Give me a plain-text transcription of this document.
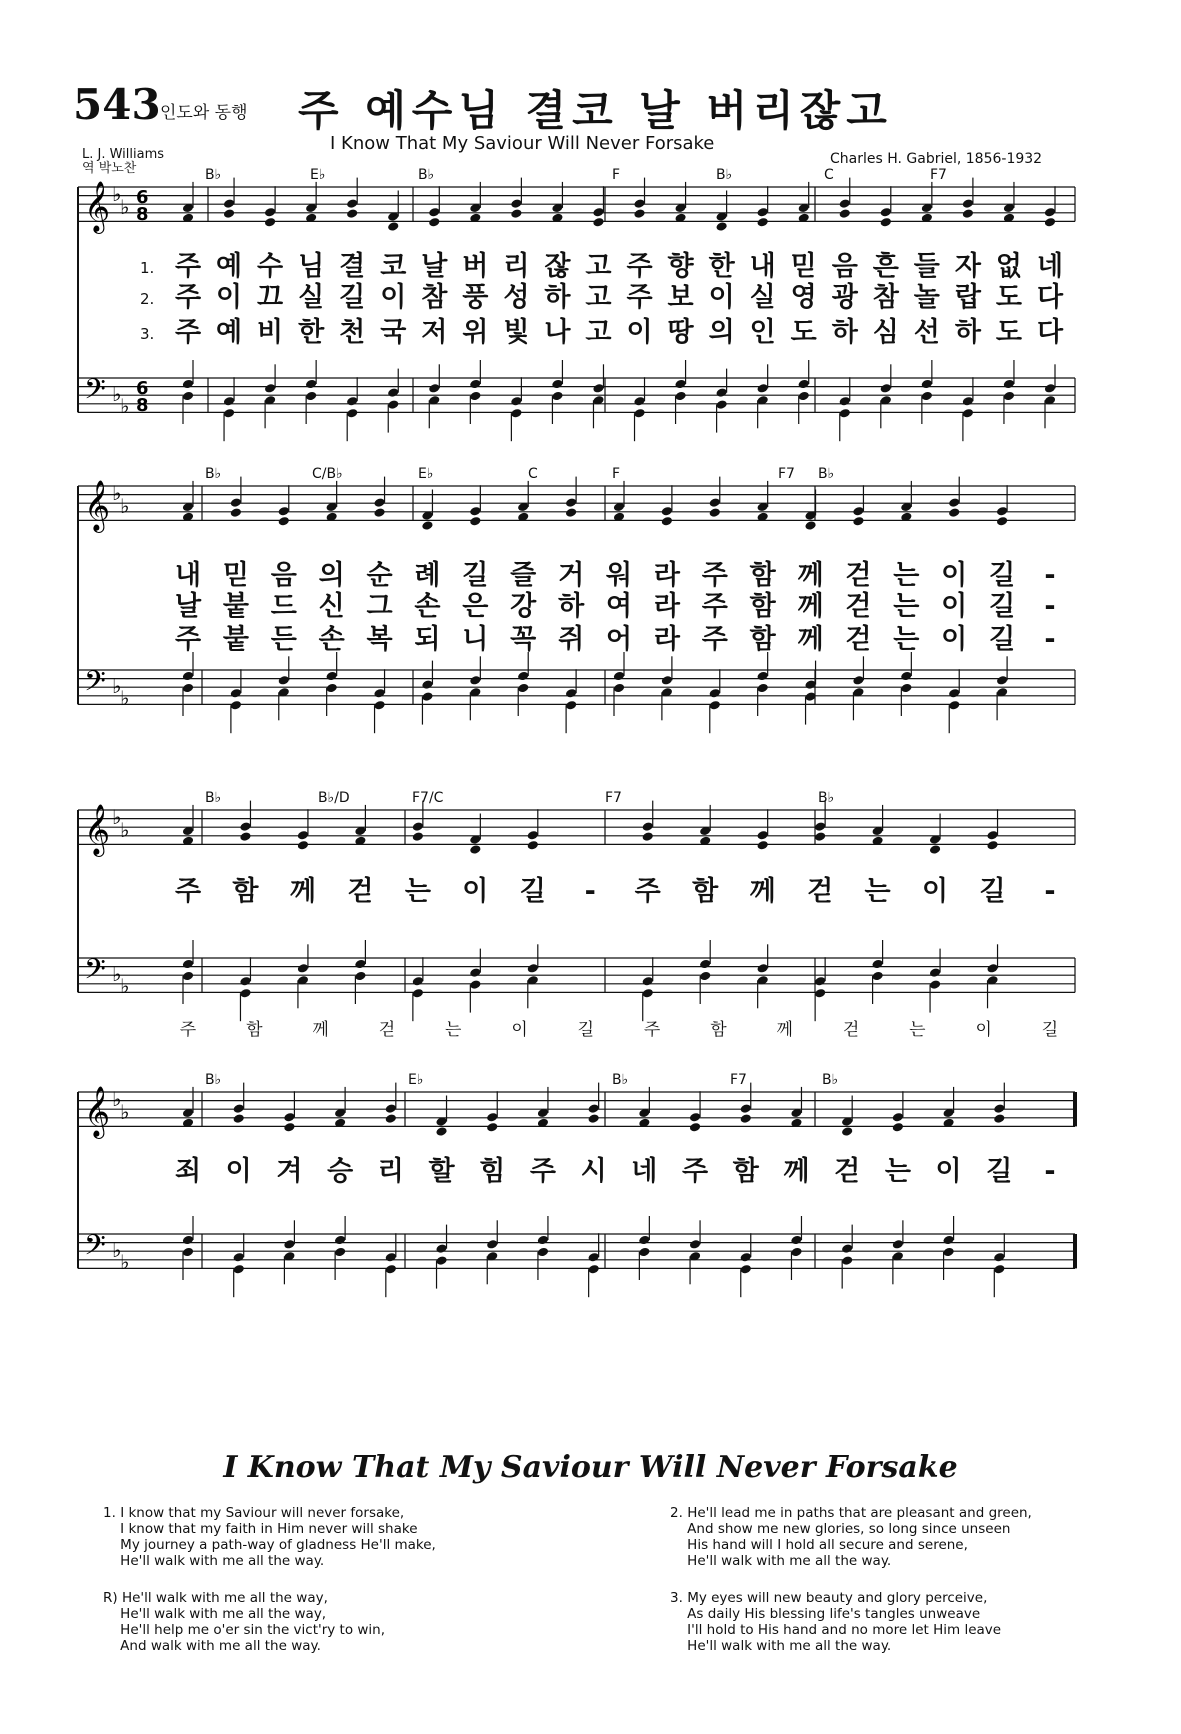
543 인도와 동행 주 예수님 결코 날 버리잖고
I Know That My Saviour Will Never Forsake
L. J. Williams
역 박노찬
Charles H. Gabriel, 1856-1932
𝄞
𝄢
♭
♭
♭
♭
6
8
6
8
B♭	E♭	B♭	F	B♭	C	F7
1. 주 예 수 님 결 코 날 버 리 잖 고 주 향 한 내 믿 음 흔 들 자 없 네
2. 주 이 끄 실 길 이 참 풍 성 하 고 주 보 이 실 영 광 참 놀 랍 도 다
3. 주 예 비 한 천 국 저 위 빛 나 고 이 땅 의 인 도 하 심 선 하 도 다
𝄞
𝄢
♭
♭
♭
♭
B♭	C/B♭	E♭	C	F	F7 B♭
내 믿 음 의 순 례 길 즐 거 워 라 주 함 께 걷 는 이 길 -
날 붙 드 신 그 손 은 강 하 여 라 주 함 께 걷 는 이 길 -
주 붙 든 손 복 되 니 꼭 쥐 어 라 주 함 께 걷 는 이 길 -
𝄞
𝄢
♭
♭
♭
♭
B♭	B♭/D	F7/C	F7	B♭
주 함 께 걷 는 이 길 - 주 함 께 걷 는 이 길 -
주	함	께	걷	는	이	길	주	함	께	걷	는	이	길
𝄞
𝄢
♭
♭
♭
♭
B♭	E♭	B♭	F7	B♭
죄 이 겨 승 리 할 힘 주 시 네 주 함 께 걷 는 이 길 -
I Know That My Saviour Will Never Forsake
1. I know that my Saviour will never forsake,
I know that my faith in Him never will shake
My journey a path-way of gladness He'll make,
He'll walk with me all the way.
2. He'll lead me in paths that are pleasant and green,
And show me new glories, so long since unseen
His hand will I hold all secure and serene,
He'll walk with me all the way.
R) He'll walk with me all the way,
He'll walk with me all the way,
He'll help me o'er sin the vict'ry to win,
And walk with me all the way.
3. My eyes will new beauty and glory perceive,
As daily His blessing life's tangles unweave
I'll hold to His hand and no more let Him leave
He'll walk with me all the way.
